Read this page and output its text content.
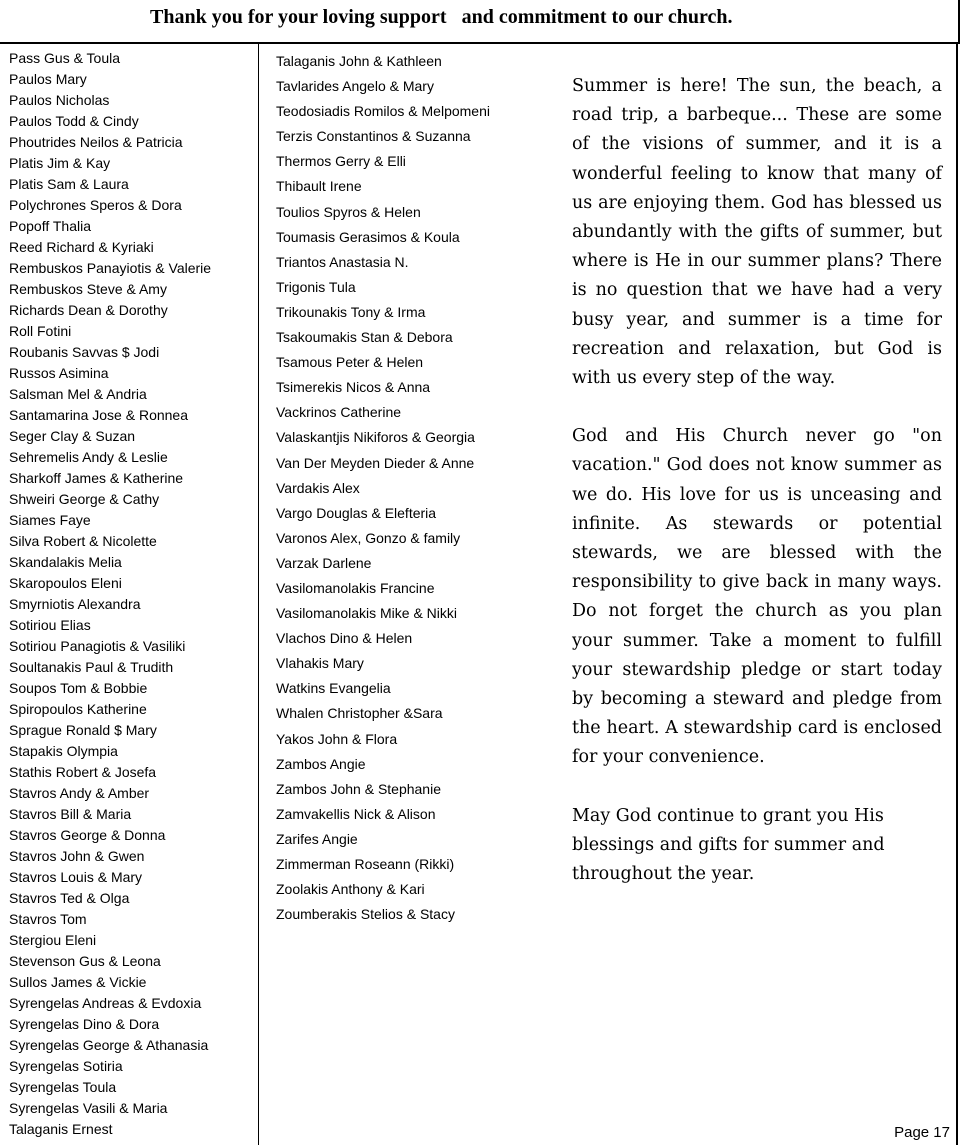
Thank you for your loving support   and commitment to our church.
Pass Gus & Toula
Paulos Mary
Paulos Nicholas
Paulos Todd & Cindy
Phoutrides Neilos & Patricia
Platis Jim & Kay
Platis Sam & Laura
Polychrones Speros & Dora
Popoff Thalia
Reed Richard & Kyriaki
Rembuskos Panayiotis & Valerie
Rembuskos Steve & Amy
Richards Dean & Dorothy
Roll Fotini
Roubanis Savvas $ Jodi
Russos Asimina
Salsman Mel & Andria
Santamarina Jose & Ronnea
Seger Clay & Suzan
Sehremelis Andy & Leslie
Sharkoff James & Katherine
Shweiri George & Cathy
Siames Faye
Silva Robert & Nicolette
Skandalakis Melia
Skaropoulos Eleni
Smyrniotis Alexandra
Sotiriou Elias
Sotiriou Panagiotis & Vasiliki
Soultanakis Paul & Trudith
Soupos Tom & Bobbie
Spiropoulos Katherine
Sprague Ronald $ Mary
Stapakis Olympia
Stathis Robert & Josefa
Stavros Andy & Amber
Stavros Bill & Maria
Stavros George & Donna
Stavros John & Gwen
Stavros Louis & Mary
Stavros Ted & Olga
Stavros Tom
Stergiou Eleni
Stevenson Gus & Leona
Sullos James & Vickie
Syrengelas Andreas & Evdoxia
Syrengelas Dino & Dora
Syrengelas George & Athanasia
Syrengelas Sotiria
Syrengelas Toula
Syrengelas Vasili & Maria
Talaganis Ernest
Talaganis John & Kathleen
Tavlarides Angelo & Mary
Teodosiadis Romilos & Melpomeni
Terzis Constantinos & Suzanna
Thermos Gerry & Elli
Thibault Irene
Toulios Spyros & Helen
Toumasis Gerasimos & Koula
Triantos Anastasia N.
Trigonis Tula
Trikounakis Tony & Irma
Tsakoumakis Stan & Debora
Tsamous Peter & Helen
Tsimerekis Nicos & Anna
Vackrinos Catherine
Valaskantjis Nikiforos & Georgia
Van Der Meyden Dieder & Anne
Vardakis Alex
Vargo Douglas & Elefteria
Varonos Alex, Gonzo & family
Varzak Darlene
Vasilomanolakis Francine
Vasilomanolakis Mike & Nikki
Vlachos Dino & Helen
Vlahakis Mary
Watkins Evangelia
Whalen Christopher &Sara
Yakos John & Flora
Zambos Angie
Zambos John & Stephanie
Zamvakellis Nick & Alison
Zarifes Angie
Zimmerman Roseann (Rikki)
Zoolakis Anthony & Kari
Zoumberakis Stelios & Stacy

Summer is here! The sun, the beach, a road trip, a barbeque... These are some of the visions of summer, and it is a wonderful feeling to know that many of us are enjoying them. God has blessed us abundantly with the gifts of summer, but where is He in our summer plans? There is no question that we have had a very busy year, and summer is a time for recreation and relaxation, but God is with us every step of the way.

God and His Church never go "on vacation." God does not know summer as we do. His love for us is unceasing and infinite. As stewards or potential stewards, we are blessed with the responsibility to give back in many ways. Do not forget the church as you plan your summer. Take a moment to fulfill your stewardship pledge or start today by becoming a steward and pledge from the heart. A stewardship card is enclosed for your convenience.

May God continue to grant you His blessings and gifts for summer and throughout the year.

Page 17
